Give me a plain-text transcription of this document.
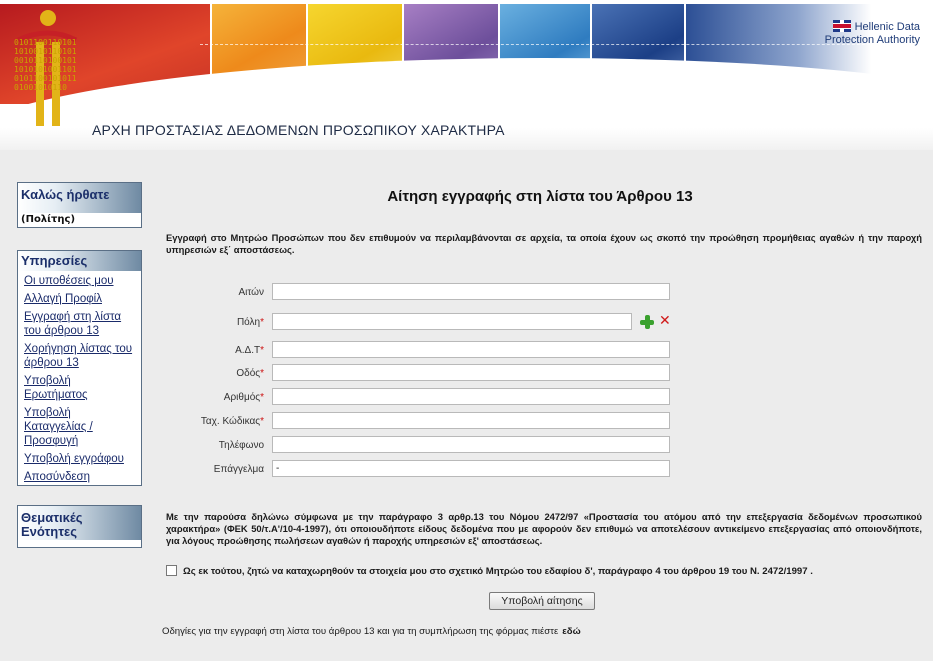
0101100110101101001011010100101101001011010101001101010110010101101001010110
Hellenic Data
Protection Authority
ΑΡΧΗ ΠΡΟΣΤΑΣΙΑΣ ΔΕΔΟΜΕΝΩΝ ΠΡΟΣΩΠΙΚΟΥ ΧΑΡΑΚΤΗΡΑ
Καλώς ήρθατε
(Πολίτης)
Υπηρεσίες
Οι υποθέσεις μου
Αλλαγή Προφίλ
Εγγραφή στη λίστα του άρθρου 13
Χορήγηση λίστας του άρθρου 13
Υποβολή Ερωτήματος
Υποβολή Καταγγελίας / Προσφυγή
Υποβολή εγγράφου
Αποσύνδεση
Θεματικές Ενότητες
Αίτηση εγγραφής στη λίστα του Άρθρου 13
Εγγραφή στο Μητρώο Προσώπων που δεν επιθυμούν να περιλαμβάνονται σε αρχεία, τα οποία έχουν ως σκοπό την προώθηση προμήθειας αγαθών ή την παροχή υπηρεσιών εξ΄ αποστάσεως.
Αιτών
Πόλη*	✕
Α.Δ.Τ*
Οδός*
Αριθμός*
Ταχ. Κώδικας*
Τηλέφωνο
Επάγγελμα
-
Με την παρούσα δηλώνω σύμφωνα με την παράγραφο 3 αρθρ.13 του Νόμου 2472/97 «Προστασία του ατόμου από την επεξεργασία δεδομένων προσωπικού χαρακτήρα» (ΦΕΚ 50/τ.Α'/10-4-1997), ότι οποιουδήποτε είδους δεδομένα που με αφορούν δεν επιθυμώ να αποτελέσουν αντικείμενο επεξεργασίας από οποιονδήποτε, για λόγους προώθησης πωλήσεων αγαθών ή παροχής υπηρεσιών εξ' αποστάσεως.
Ως εκ τούτου, ζητώ να καταχωρηθούν τα στοιχεία μου στο σχετικό Μητρώο του εδαφίου δ', παράγραφο 4 του άρθρου 19 του Ν. 2472/1997 .
Υποβολή αίτησης
Οδηγίες για την εγγραφή στη λίστα του άρθρου 13 και για τη συμπλήρωση της φόρμας πιέστε εδώ
